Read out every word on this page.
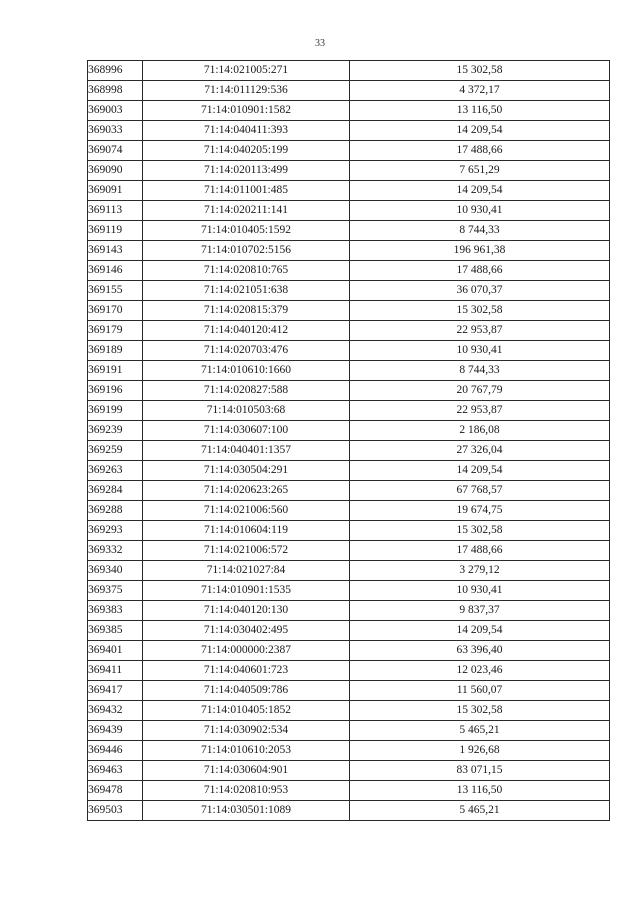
33
368996	71:14:021005:271	15 302,58
368998	71:14:011129:536	4 372,17
369003	71:14:010901:1582	13 116,50
369033	71:14:040411:393	14 209,54
369074	71:14:040205:199	17 488,66
369090	71:14:020113:499	7 651,29
369091	71:14:011001:485	14 209,54
369113	71:14:020211:141	10 930,41
369119	71:14:010405:1592	8 744,33
369143	71:14:010702:5156	196 961,38
369146	71:14:020810:765	17 488,66
369155	71:14:021051:638	36 070,37
369170	71:14:020815:379	15 302,58
369179	71:14:040120:412	22 953,87
369189	71:14:020703:476	10 930,41
369191	71:14:010610:1660	8 744,33
369196	71:14:020827:588	20 767,79
369199	71:14:010503:68	22 953,87
369239	71:14:030607:100	2 186,08
369259	71:14:040401:1357	27 326,04
369263	71:14:030504:291	14 209,54
369284	71:14:020623:265	67 768,57
369288	71:14:021006:560	19 674,75
369293	71:14:010604:119	15 302,58
369332	71:14:021006:572	17 488,66
369340	71:14:021027:84	3 279,12
369375	71:14:010901:1535	10 930,41
369383	71:14:040120:130	9 837,37
369385	71:14:030402:495	14 209,54
369401	71:14:000000:2387	63 396,40
369411	71:14:040601:723	12 023,46
369417	71:14:040509:786	11 560,07
369432	71:14:010405:1852	15 302,58
369439	71:14:030902:534	5 465,21
369446	71:14:010610:2053	1 926,68
369463	71:14:030604:901	83 071,15
369478	71:14:020810:953	13 116,50
369503	71:14:030501:1089	5 465,21
